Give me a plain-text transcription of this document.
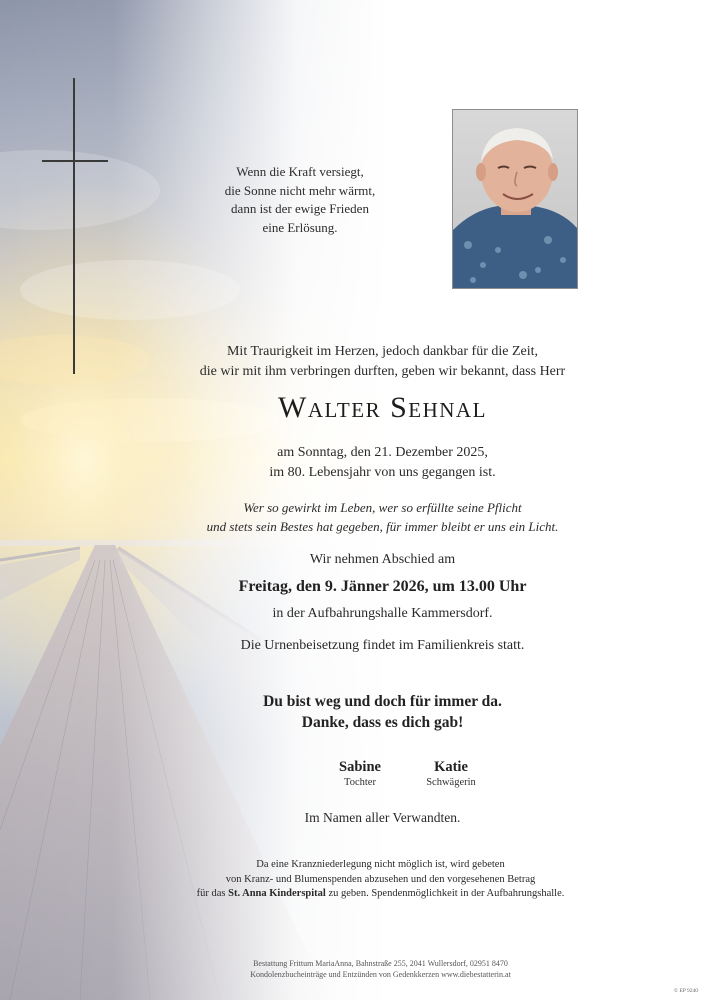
Wenn die Kraft versiegt,
die Sonne nicht mehr wärmt,
dann ist der ewige Frieden
eine Erlösung.
Mit Traurigkeit im Herzen, jedoch dankbar für die Zeit,
die wir mit ihm verbringen durften, geben wir bekannt, dass Herr
Walter Sehnal
am Sonntag, den 21. Dezember 2025,
im 80. Lebensjahr von uns gegangen ist.
Wer so gewirkt im Leben, wer so erfüllte seine Pflicht
und stets sein Bestes hat gegeben, für immer bleibt er uns ein Licht.
Wir nehmen Abschied am
Freitag, den 9. Jänner 2026, um 13.00 Uhr
in der Aufbahrungshalle Kammersdorf.
Die Urnenbeisetzung findet im Familienkreis statt.
Du bist weg und doch für immer da.
Danke, dass es dich gab!
Sabine
Tochter
Katie
Schwägerin
Im Namen aller Verwandten.
Da eine Kranzniederlegung nicht möglich ist, wird gebeten
von Kranz- und Blumenspenden abzusehen und den vorgesehenen Betrag
für das St. Anna Kinderspital zu geben. Spendenmöglichkeit in der Aufbahrungshalle.
Bestattung Frittum MariaAnna, Bahnstraße 255, 2041 Wullersdorf, 02951 8470
Kondolenzbucheinträge und Entzünden von Gedenkkerzen www.diebestatterin.at
© EP 9240
